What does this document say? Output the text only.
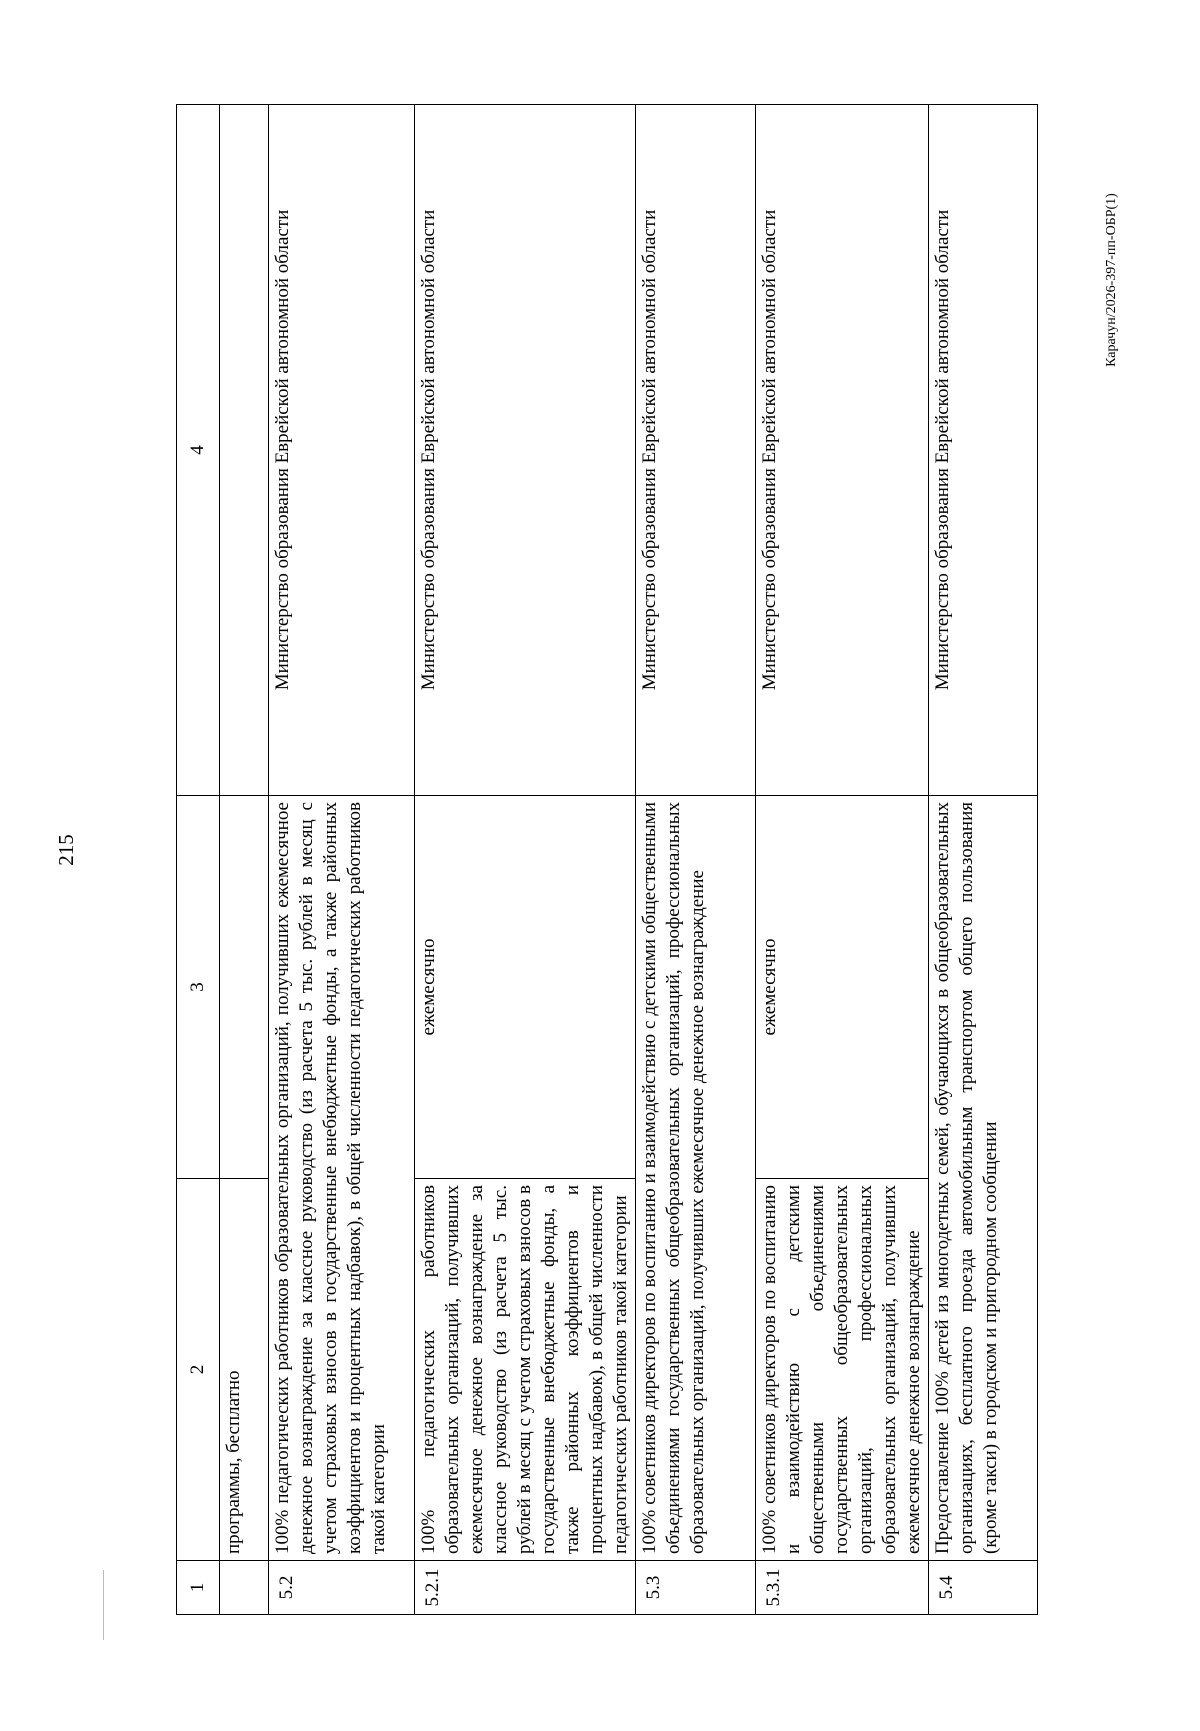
215
Карачун/2026-397-пп-ОБР(1)
1	2	3	4
	программы, бесплатно		
5.2	100% педагогических работников образовательных организаций, получивших ежемесячное денежное вознаграждение за классное руководство (из расчета 5 тыс. рублей в месяц с учетом страховых взносов в государственные внебюджетные фонды, а также районных коэффициентов и процентных надбавок), в общей численности педагогических работников такой категории		Министерство образования Еврейской автономной области
5.2.1	100% педагогических работников образовательных организаций, получивших ежемесячное денежное вознаграждение за классное руководство (из расчета 5 тыс. рублей в месяц с учетом страховых взносов в государственные внебюджетные фонды, а также районных коэффициентов и процентных надбавок), в общей численности педагогических работников такой категории	ежемесячно	Министерство образования Еврейской автономной области
5.3	100% советников директоров по воспитанию и взаимодействию с детскими общественными объединениями государственных общеобразовательных организаций, профессиональных образовательных организаций, получивших ежемесячное денежное вознаграждение		Министерство образования Еврейской автономной области
5.3.1	100% советников директоров по воспитанию и взаимодействию с детскими общественными объединениями государственных общеобразовательных организаций, профессиональных образовательных организаций, получивших ежемесячное денежное вознаграждение	ежемесячно	Министерство образования Еврейской автономной области
5.4	Предоставление 100% детей из многодетных семей, обучающихся в общеобразовательных организациях, бесплатного проезда автомобильным транспортом общего пользования (кроме такси) в городском и пригородном сообщении		Министерство образования Еврейской автономной области
